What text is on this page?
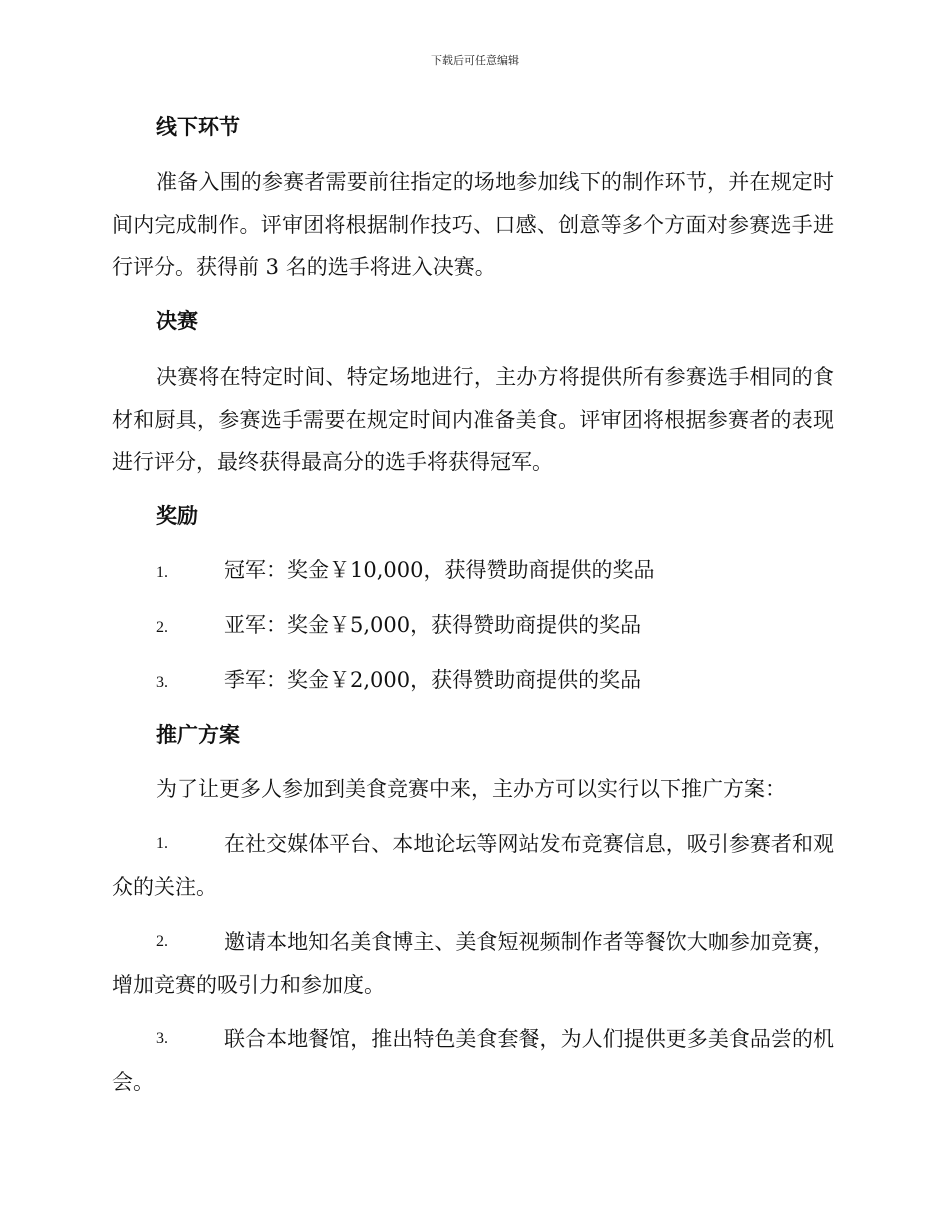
下载后可任意编辑
线下环节

准备入围的参赛者需要前往指定的场地参加线下的制作环节，并在规定时间内完成制作。评审团将根据制作技巧、口感、创意等多个方面对参赛选手进行评分。获得前 3 名的选手将进入决赛。

决赛

决赛将在特定时间、特定场地进行，主办方将提供所有参赛选手相同的食材和厨具，参赛选手需要在规定时间内准备美食。评审团将根据参赛者的表现进行评分，最终获得最高分的选手将获得冠军。

奖励
1.	冠军：奖金￥10,000，获得赞助商提供的奖品
2.	亚军：奖金￥5,000，获得赞助商提供的奖品
3.	季军：奖金￥2,000，获得赞助商提供的奖品
推广方案

为了让更多人参加到美食竞赛中来，主办方可以实行以下推广方案：

1.	在社交媒体平台、本地论坛等网站发布竞赛信息，吸引参赛者和观众的关注。
2.	邀请本地知名美食博主、美食短视频制作者等餐饮大咖参加竞赛，增加竞赛的吸引力和参加度。
3.	联合本地餐馆，推出特色美食套餐，为人们提供更多美食品尝的机会。
